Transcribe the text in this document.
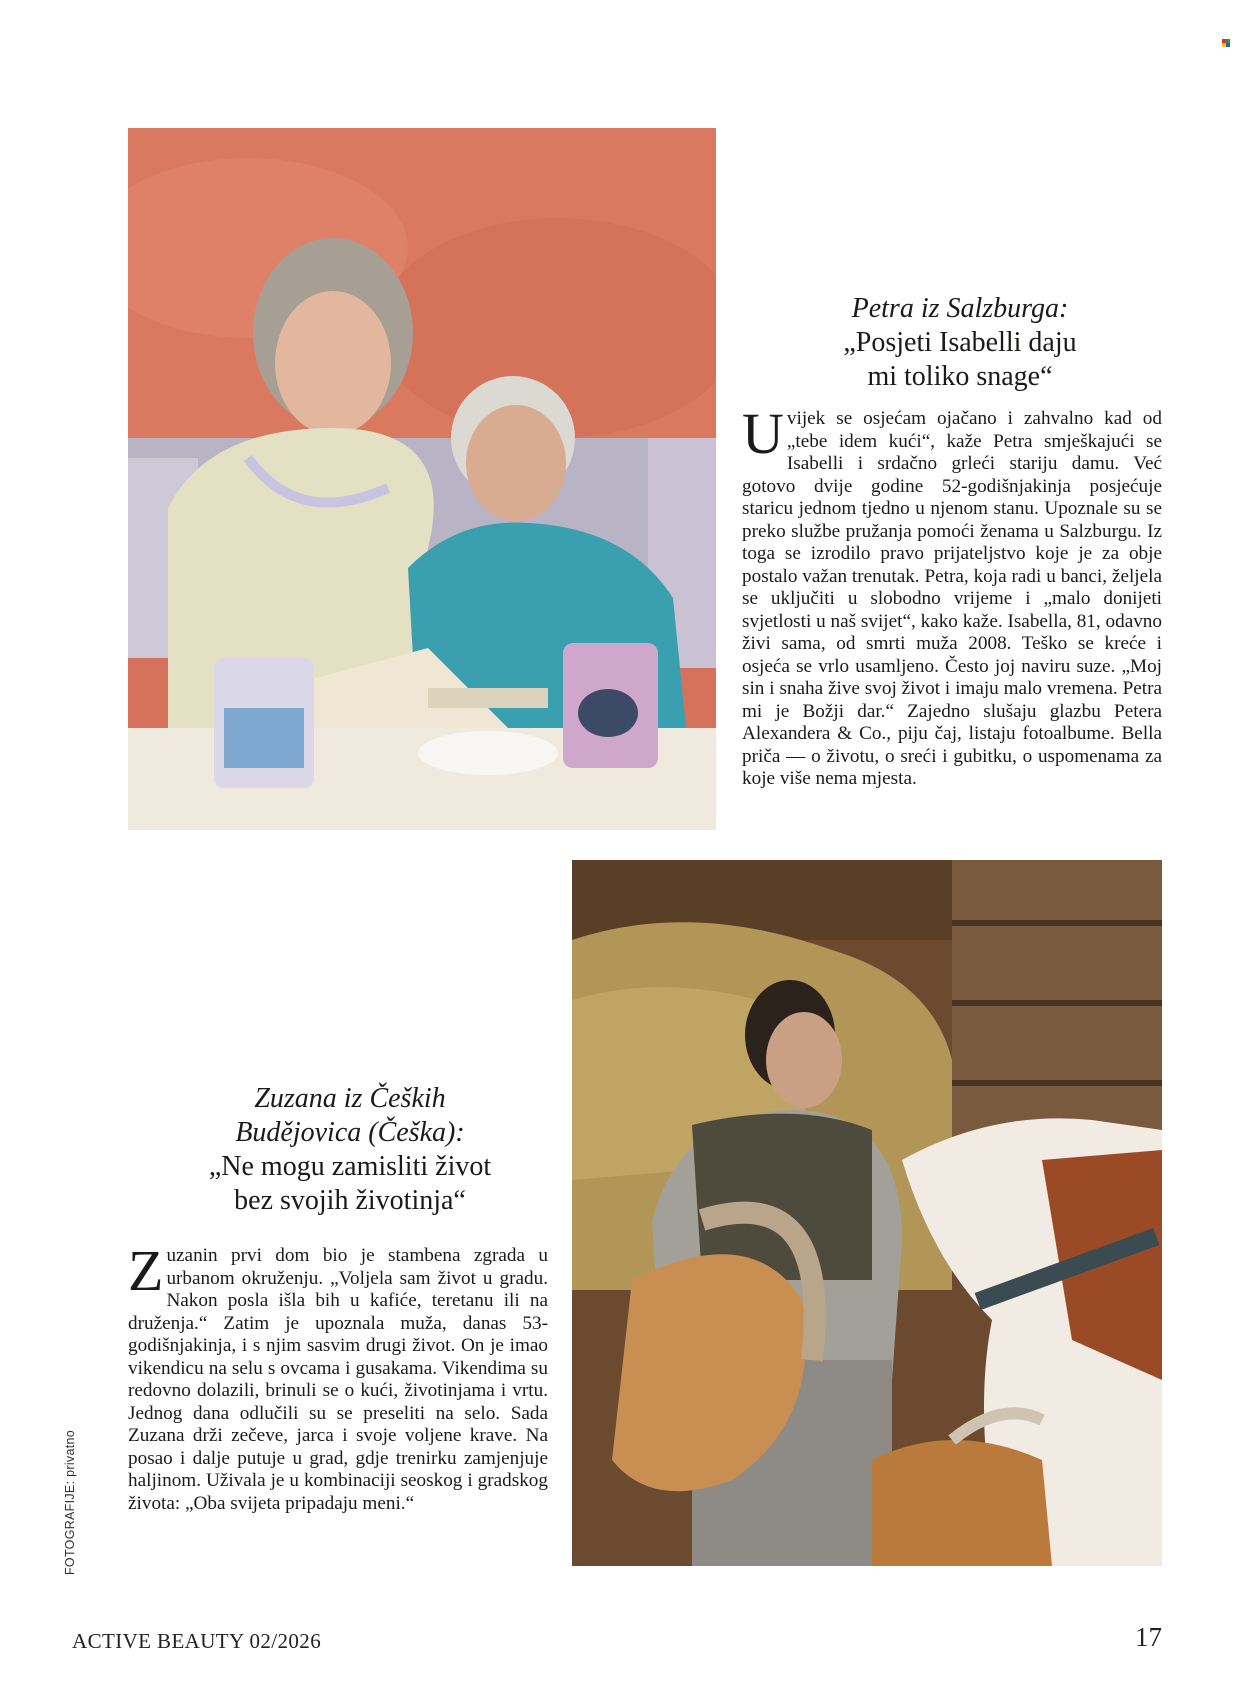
Petra iz Salzburga:
„Posjeti Isabelli daju
mi toliko snage“
Uvijek se osjećam ojačano i zahvalno kad od „tebe idem kući“, kaže Petra smješkajući se Isabelli i srdačno grleći stariju damu. Već gotovo dvije godine 52-godišnjakinja posjećuje staricu jednom tjedno u njenom stanu. Upoznale su se preko službe pružanja pomoći ženama u Salzburgu. Iz toga se izrodilo pravo prijateljstvo koje je za obje postalo važan trenutak. Petra, koja radi u banci, željela se uključiti u slobodno vrijeme i „malo donijeti svjetlosti u naš svijet“, kako kaže. Isabella, 81, odavno živi sama, od smrti muža 2008. Teško se kreće i osjeća se vrlo usamljeno. Često joj naviru suze. „Moj sin i snaha žive svoj život i imaju malo vremena. Petra mi je Božji dar.“ Zajedno slušaju glazbu Petera Alexandera & Co., piju čaj, listaju fotoalbume. Bella priča — o životu, o sreći i gubitku, o uspomenama za koje više nema mjesta.
Zuzana iz Čeških
Budějovica (Češka):
„Ne mogu zamisliti život
bez svojih životinja“
Zuzanin prvi dom bio je stambena zgrada u urbanom okruženju. „Voljela sam život u gradu. Nakon posla išla bih u kafiće, teretanu ili na druženja.“ Zatim je upoznala muža, danas 53-godišnjakinja, i s njim sasvim drugi život. On je imao vikendicu na selu s ovcama i gusakama. Vikendima su redovno dolazili, brinuli se o kući, životinjama i vrtu. Jednog dana odlučili su se preseliti na selo. Sada Zuzana drži zečeve, jarca i svoje voljene krave. Na posao i dalje putuje u grad, gdje trenirku zamjenjuje haljinom. Uživala je u kombinaciji seoskog i gradskog života: „Oba svijeta pripadaju meni.“
FOTOGRAFIJE: privatno
ACTIVE BEAUTY 02/2026	17
